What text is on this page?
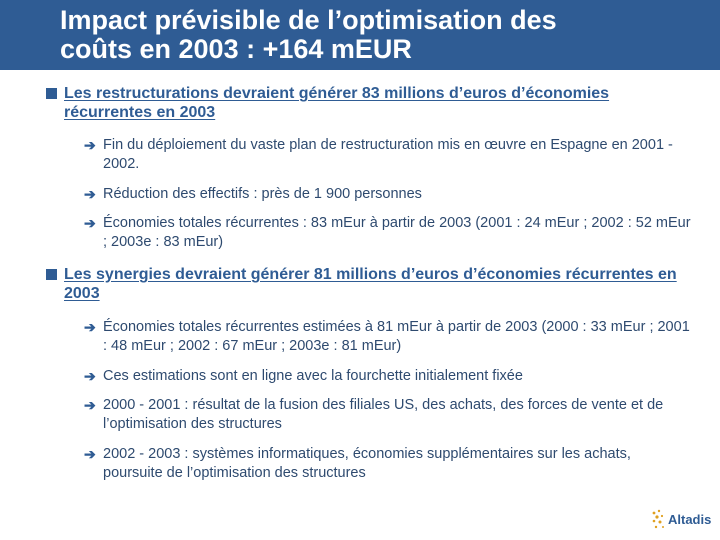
Impact prévisible de l’optimisation des
coûts en 2003 : +164 mEUR
Les restructurations devraient générer 83 millions d’euros d’économies récurrentes en 2003
➔ Fin du déploiement du vaste plan de restructuration mis en œuvre en Espagne en 2001 - 2002.
➔ Réduction des effectifs : près de 1 900 personnes
➔ Économies totales récurrentes : 83 mEur à partir de 2003 (2001 : 24 mEur ; 2002 : 52 mEur ; 2003e : 83 mEur)
Les synergies devraient générer 81 millions d’euros d’économies récurrentes en 2003
➔ Économies totales récurrentes estimées à 81 mEur à partir de 2003 (2000 : 33 mEur ; 2001 : 48 mEur ; 2002 : 67 mEur ; 2003e : 81 mEur)
➔ Ces estimations sont en ligne avec la fourchette initialement fixée
➔ 2000 - 2001 : résultat de la fusion des filiales US, des achats, des forces de vente et de l’optimisation des structures
➔ 2002 - 2003 : systèmes informatiques, économies supplémentaires sur les achats, poursuite de l’optimisation des structures
Altadis
